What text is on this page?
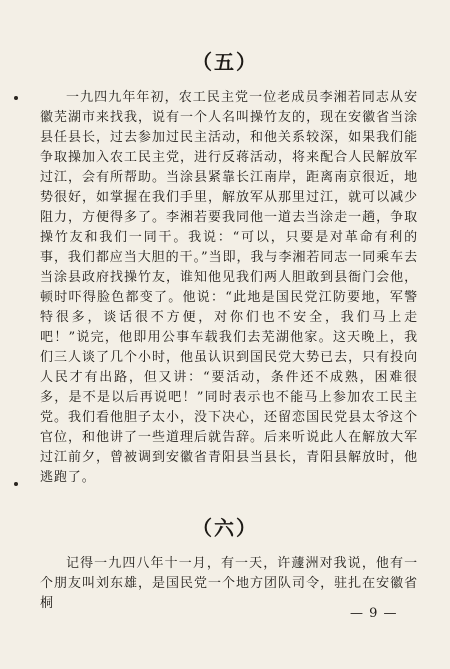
（五）

一九四九年年初，农工民主党一位老成员李湘若同志从安徽芜湖市来找我，说有一个人名叫操竹友的，现在安徽省当涂县任县长，过去参加过民主活动，和他关系较深，如果我们能争取操加入农工民主党，进行反蒋活动，将来配合人民解放军过江，会有所帮助。当涂县紧靠长江南岸，距离南京很近，地势很好，如掌握在我们手里，解放军从那里过江，就可以减少阻力，方便得多了。李湘若要我同他一道去当涂走一趟，争取操竹友和我们一同干。我说：“可以，只要是对革命有利的事，我们都应当大胆的干。”当即，我与李湘若同志一同乘车去当涂县政府找操竹友，谁知他见我们两人胆敢到县衙门会他，顿时吓得脸色都变了。他说：“此地是国民党江防要地，军警特很多，谈话很不方便，对你们也不安全，我们马上走吧！”说完，他即用公事车载我们去芜湖他家。这天晚上，我们三人谈了几个小时，他虽认识到国民党大势已去，只有投向人民才有出路，但又讲：“要活动，条件还不成熟，困难很多，是不是以后再说吧！”同时表示也不能马上参加农工民主党。我们看他胆子太小，没下决心，还留恋国民党县太爷这个官位，和他讲了一些道理后就告辞。后来听说此人在解放大军过江前夕，曾被调到安徽省青阳县当县长，青阳县解放时，他逃跑了。

（六）

记得一九四八年十一月，有一天，许蘧洲对我说，他有一个朋友叫刘东雄，是国民党一个地方团队司令，驻扎在安徽省桐

— 9 —
